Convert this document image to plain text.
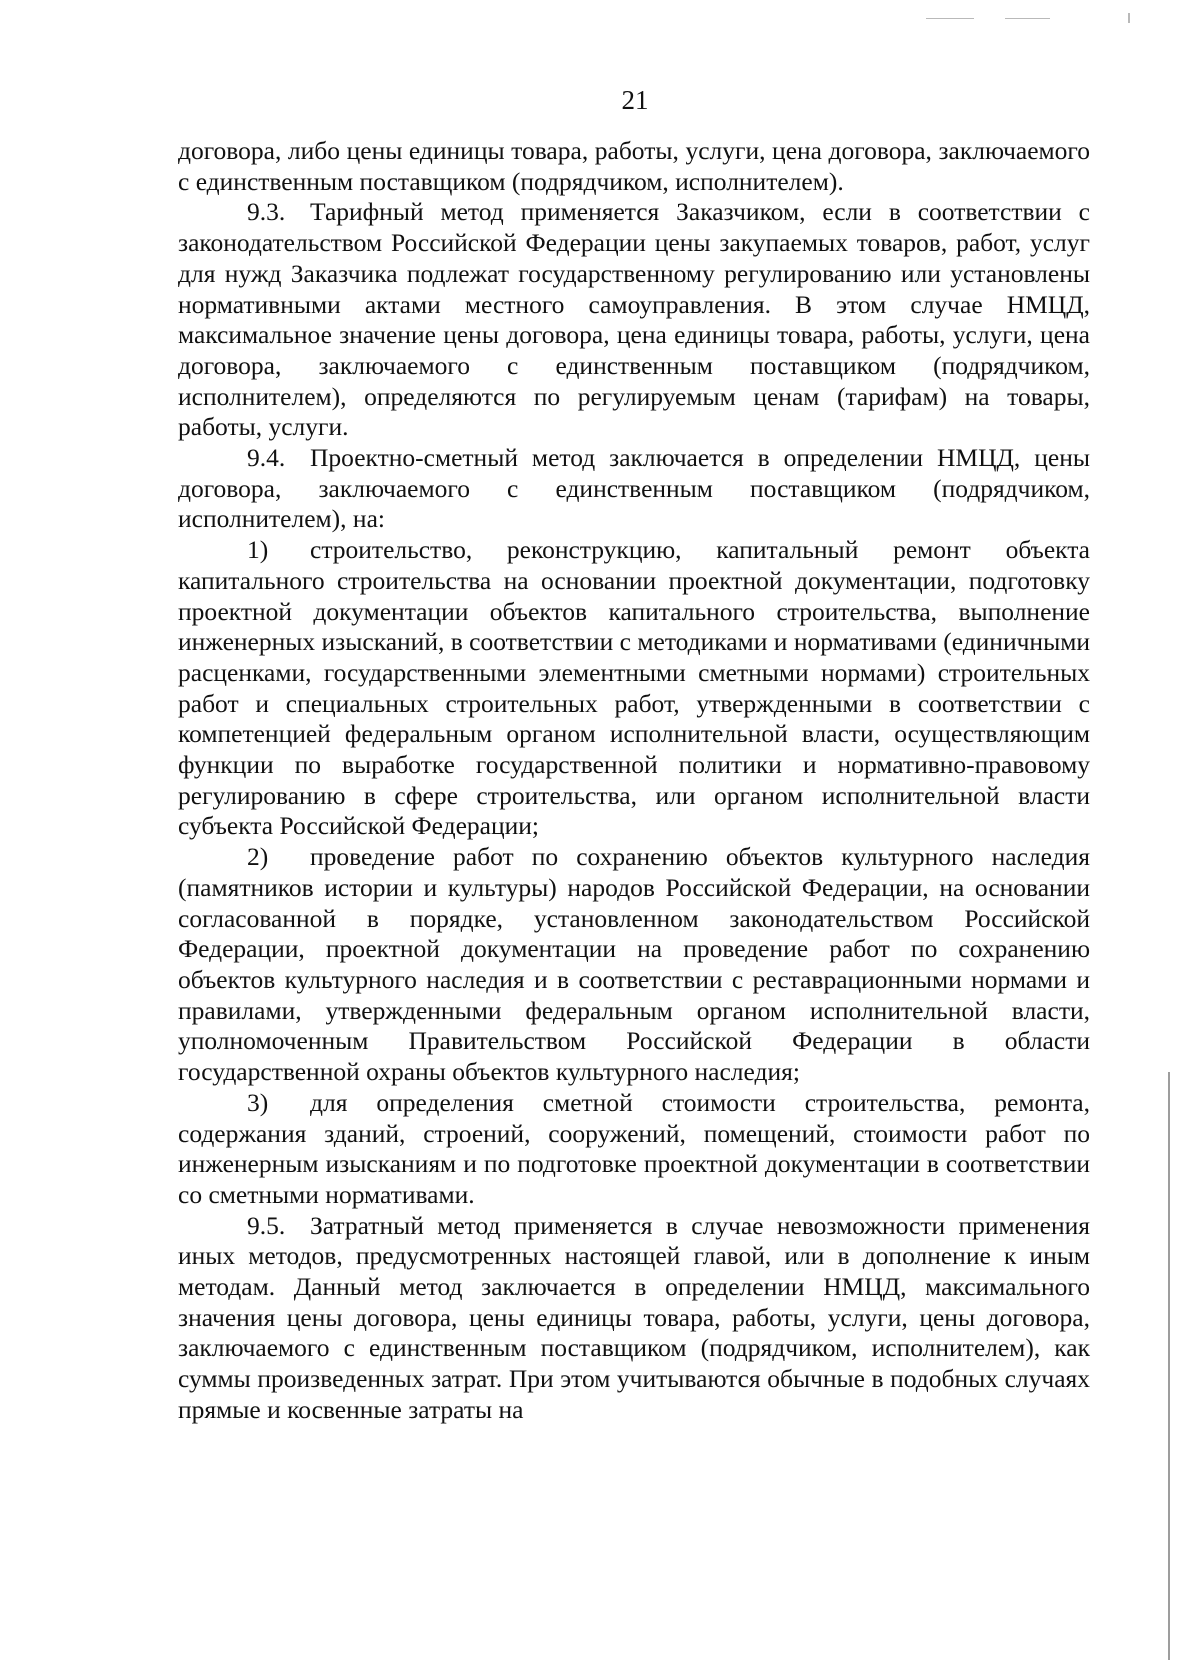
21

договора, либо цены единицы товара, работы, услуги, цена договора, заключаемого с единственным поставщиком (подрядчиком, исполнителем).

9.3. Тарифный метод применяется Заказчиком, если в соответствии с законодательством Российской Федерации цены закупаемых товаров, работ, услуг для нужд Заказчика подлежат государственному регулированию или установлены нормативными актами местного самоуправления. В этом случае НМЦД, максимальное значение цены договора, цена единицы товара, работы, услуги, цена договора, заключаемого с единственным поставщиком (подрядчиком, исполнителем), определяются по регулируемым ценам (тарифам) на товары, работы, услуги.

9.4. Проектно-сметный метод заключается в определении НМЦД, цены договора, заключаемого с единственным поставщиком (подрядчиком, исполнителем), на:

1) строительство, реконструкцию, капитальный ремонт объекта капитального строительства на основании проектной документации, подготовку проектной документации объектов капитального строительства, выполнение инженерных изысканий, в соответствии с методиками и нормативами (единичными расценками, государственными элементными сметными нормами) строительных работ и специальных строительных работ, утвержденными в соответствии с компетенцией федеральным органом исполнительной власти, осуществляющим функции по выработке государственной политики и нормативно-правовому регулированию в сфере строительства, или органом исполнительной власти субъекта Российской Федерации;

2) проведение работ по сохранению объектов культурного наследия (памятников истории и культуры) народов Российской Федерации, на основании согласованной в порядке, установленном законодательством Российской Федерации, проектной документации на проведение работ по сохранению объектов культурного наследия и в соответствии с реставрационными нормами и правилами, утвержденными федеральным органом исполнительной власти, уполномоченным Правительством Российской Федерации в области государственной охраны объектов культурного наследия;

3) для определения сметной стоимости строительства, ремонта, содержания зданий, строений, сооружений, помещений, стоимости работ по инженерным изысканиям и по подготовке проектной документации в соответствии со сметными нормативами.

9.5. Затратный метод применяется в случае невозможности применения иных методов, предусмотренных настоящей главой, или в дополнение к иным методам. Данный метод заключается в определении НМЦД, максимального значения цены договора, цены единицы товара, работы, услуги, цены договора, заключаемого с единственным поставщиком (подрядчиком, исполнителем), как суммы произведенных затрат. При этом учитываются обычные в подобных случаях прямые и косвенные затраты на
